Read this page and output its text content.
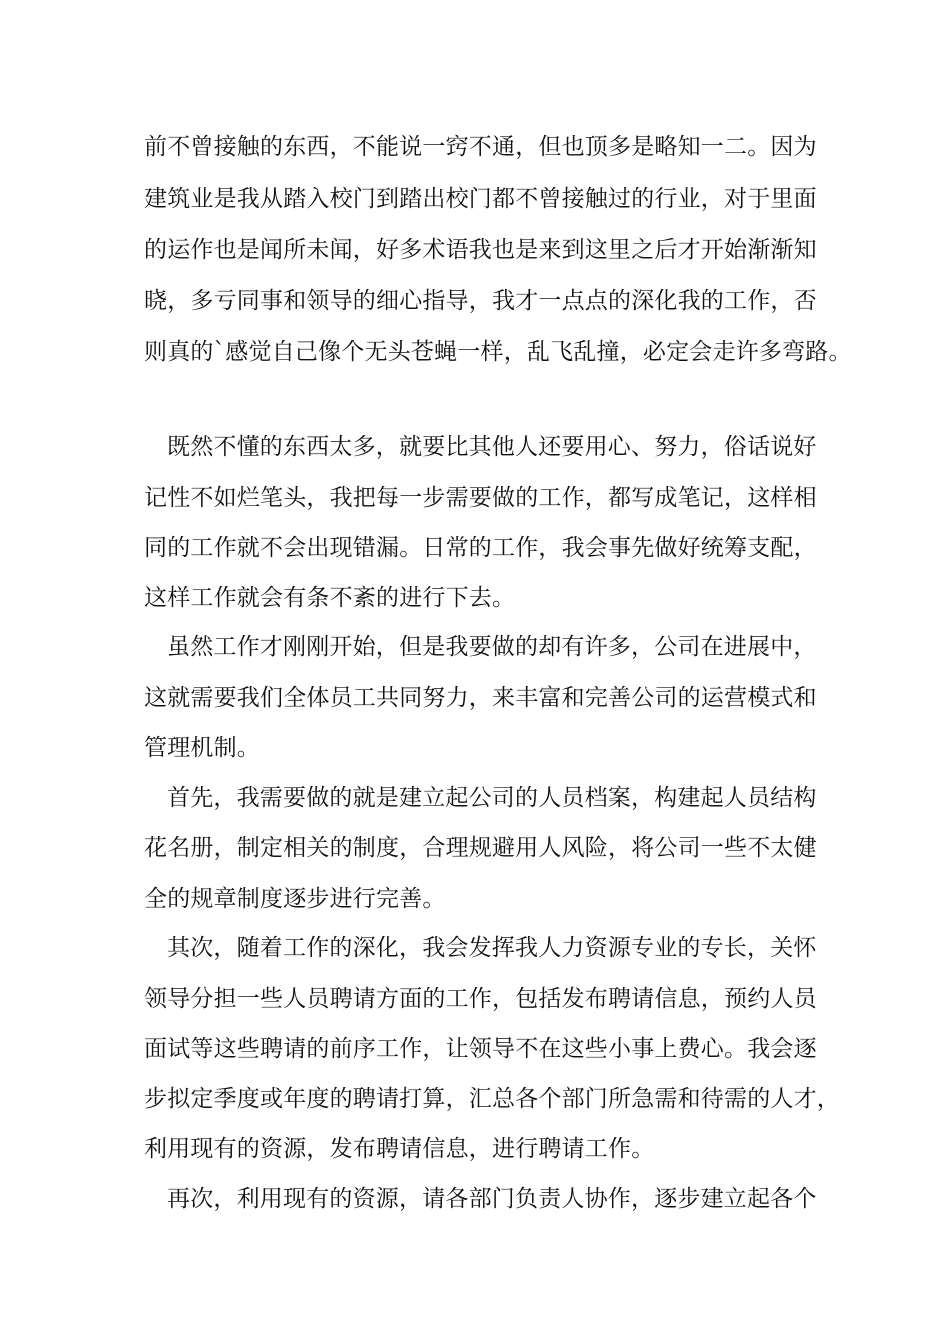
前不曾接触的东西，不能说一窍不通，但也顶多是略知一二。因为
建筑业是我从踏入校门到踏出校门都不曾接触过的行业，对于里面
的运作也是闻所未闻，好多术语我也是来到这里之后才开始渐渐知
晓，多亏同事和领导的细心指导，我才一点点的深化我的工作，否
则真的`感觉自己像个无头苍蝇一样，乱飞乱撞，必定会走许多弯路。
既然不懂的东西太多，就要比其他人还要用心、努力，俗话说好
记性不如烂笔头，我把每一步需要做的工作，都写成笔记，这样相
同的工作就不会出现错漏。日常的工作，我会事先做好统筹支配，
这样工作就会有条不紊的进行下去。
虽然工作才刚刚开始，但是我要做的却有许多，公司在进展中，
这就需要我们全体员工共同努力，来丰富和完善公司的运营模式和
管理机制。
首先，我需要做的就是建立起公司的人员档案，构建起人员结构
花名册，制定相关的制度，合理规避用人风险，将公司一些不太健
全的规章制度逐步进行完善。
其次，随着工作的深化，我会发挥我人力资源专业的专长，关怀
领导分担一些人员聘请方面的工作，包括发布聘请信息，预约人员
面试等这些聘请的前序工作，让领导不在这些小事上费心。我会逐
步拟定季度或年度的聘请打算，汇总各个部门所急需和待需的人才，
利用现有的资源，发布聘请信息，进行聘请工作。
再次，利用现有的资源，请各部门负责人协作，逐步建立起各个
